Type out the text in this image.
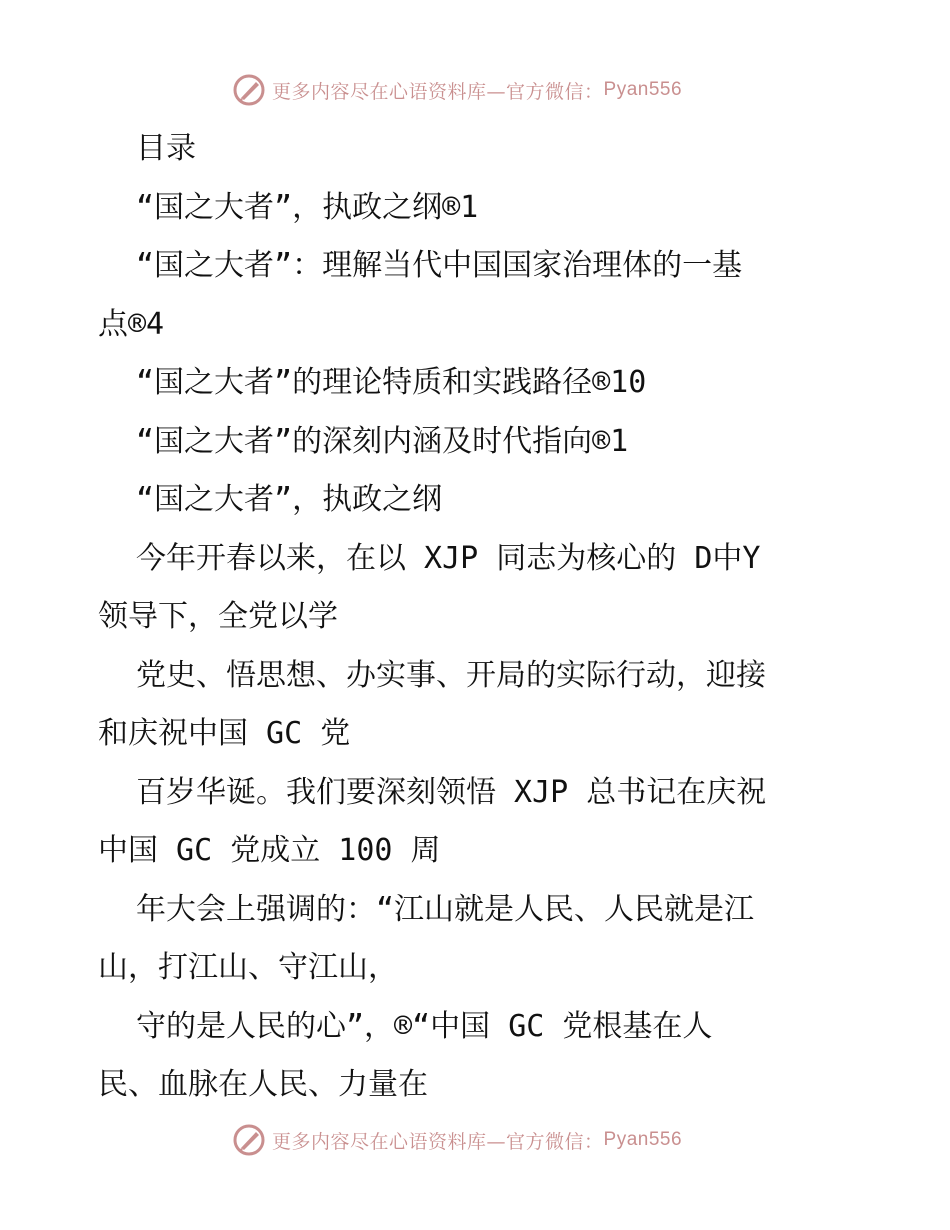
更多内容尽在心语资料库—官方微信： Pyan556
目录
“国之大者”，执政之纲®1
“国之大者”：理解当代中国国家治理体的一基
点®4
“国之大者”的理论特质和实践路径®10
“国之大者”的深刻内涵及时代指向®1
“国之大者”，执政之纲
今年开春以来，在以 XJP 同志为核心的 D中Y
领导下，全党以学
党史、悟思想、办实事、开局的实际行动，迎接
和庆祝中国 GC 党
百岁华诞。我们要深刻领悟 XJP 总书记在庆祝
中国 GC 党成立 100 周
年大会上强调的：“江山就是人民、人民就是江
山，打江山、守江山，
守的是人民的心”，®“中国 GC 党根基在人
民、血脉在人民、力量在
更多内容尽在心语资料库—官方微信： Pyan556
